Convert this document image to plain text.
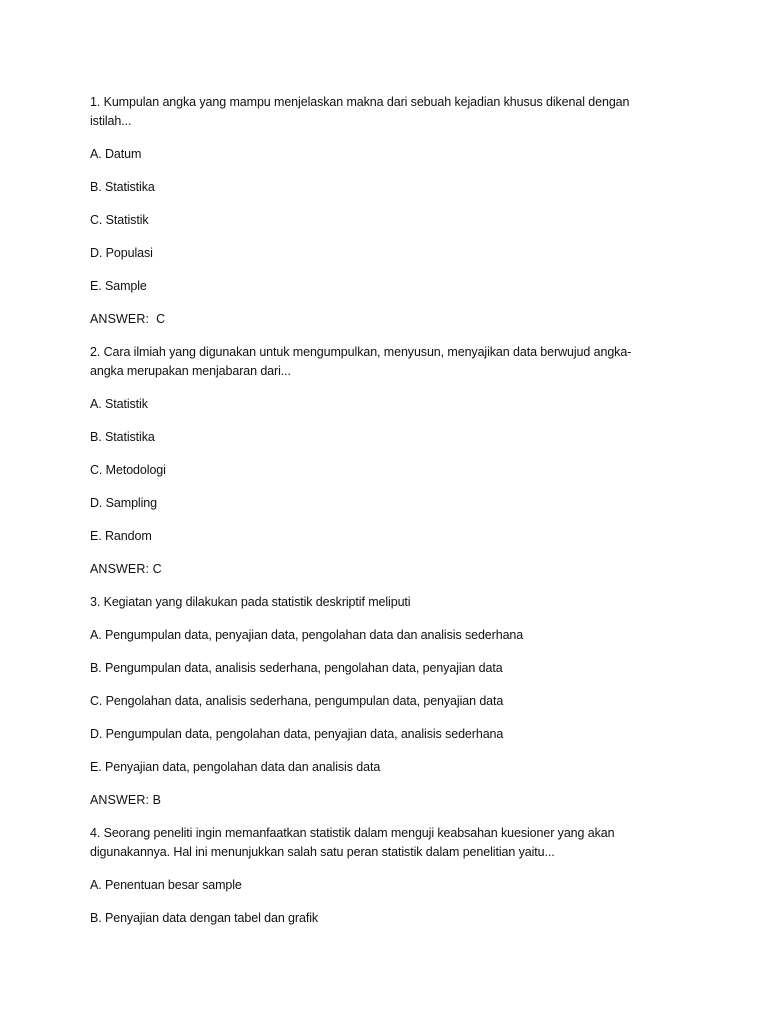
1. Kumpulan angka yang mampu menjelaskan makna dari sebuah kejadian khusus dikenal dengan istilah...

A. Datum

B. Statistika

C. Statistik

D. Populasi

E. Sample

ANSWER:  C

2. Cara ilmiah yang digunakan untuk mengumpulkan, menyusun, menyajikan data berwujud angka-angka merupakan menjabaran dari...

A. Statistik

B. Statistika

C. Metodologi

D. Sampling

E. Random

ANSWER: C

3. Kegiatan yang dilakukan pada statistik deskriptif meliputi

A. Pengumpulan data, penyajian data, pengolahan data dan analisis sederhana

B. Pengumpulan data, analisis sederhana, pengolahan data, penyajian data

C. Pengolahan data, analisis sederhana, pengumpulan data, penyajian data

D. Pengumpulan data, pengolahan data, penyajian data, analisis sederhana

E. Penyajian data, pengolahan data dan analisis data

ANSWER: B

4. Seorang peneliti ingin memanfaatkan statistik dalam menguji keabsahan kuesioner yang akan digunakannya. Hal ini menunjukkan salah satu peran statistik dalam penelitian yaitu...

A. Penentuan besar sample

B. Penyajian data dengan tabel dan grafik
